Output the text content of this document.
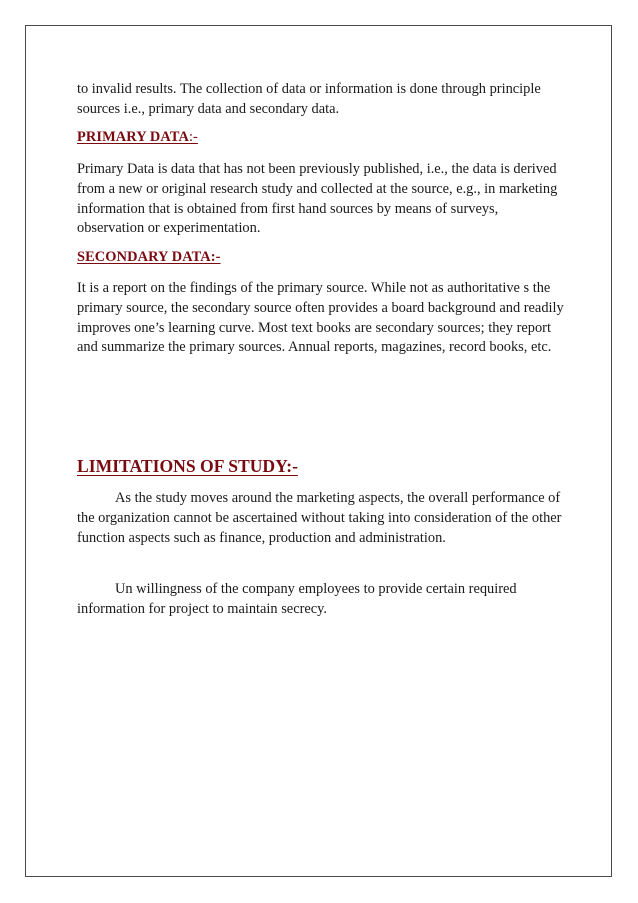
to invalid results. The collection of data or information is done through principle sources i.e., primary data and secondary data.

PRIMARY DATA:-

Primary Data is data that has not been previously published, i.e., the data is derived from a new or original research study and collected at the source, e.g., in marketing information that is obtained from first hand sources by means of surveys, observation or experimentation.

SECONDARY DATA:-

It is a report on the findings of the primary source. While not as authoritative s the primary source, the secondary source often provides a board background and readily improves one’s learning curve. Most text books are secondary sources; they report and summarize the primary sources. Annual reports, magazines, record books, etc.

LIMITATIONS OF STUDY:-

As the study moves around the marketing aspects, the overall performance of the organization cannot be ascertained without taking into consideration of the other function aspects such as finance, production and administration.

Un willingness of the company employees to provide certain required information for project to maintain secrecy.
